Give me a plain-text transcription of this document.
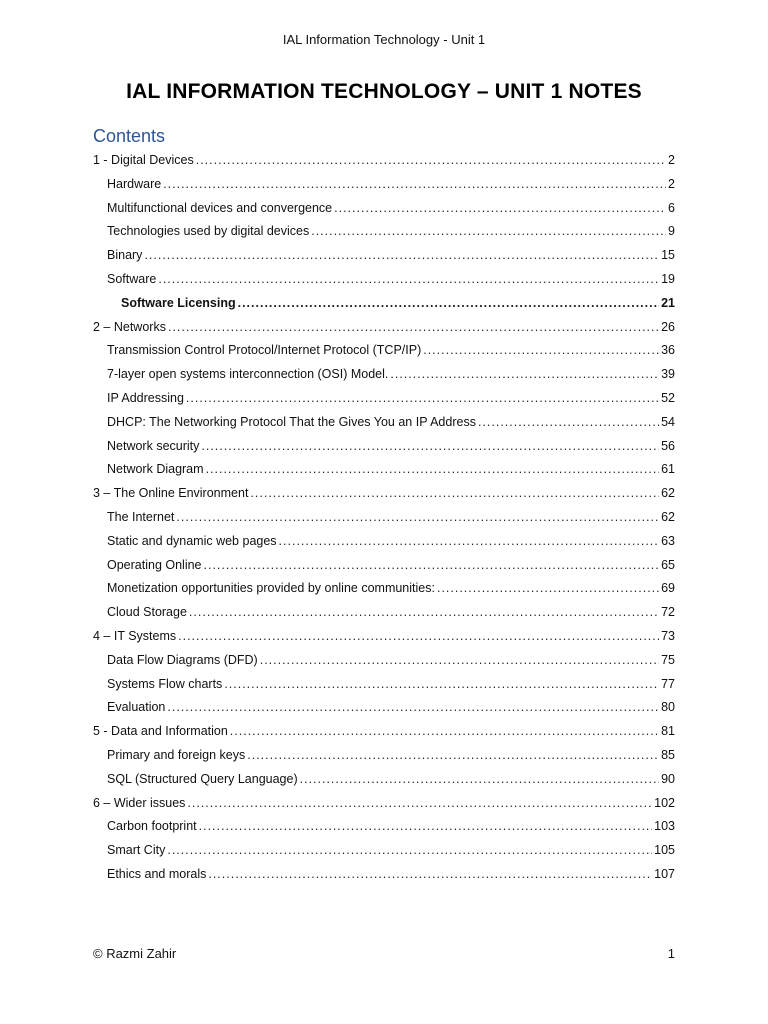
IAL Information Technology - Unit 1
IAL INFORMATION TECHNOLOGY – UNIT 1 NOTES
Contents
1 - Digital Devices .....	2
Hardware .....	2
Multifunctional devices and convergence .....	6
Technologies used by digital devices .....	9
Binary .....	15
Software .....	19
Software Licensing .....	21
2 – Networks .....	26
Transmission Control Protocol/Internet Protocol (TCP/IP) .....	36
7-layer open systems interconnection (OSI) Model. .....	39
IP Addressing .....	52
DHCP: The Networking Protocol That the Gives You an IP Address .....	54
Network security .....	56
Network Diagram .....	61
3 – The Online Environment .....	62
The Internet .....	62
Static and dynamic web pages .....	63
Operating Online .....	65
Monetization opportunities provided by online communities: .....	69
Cloud Storage .....	72
4 – IT Systems .....	73
Data Flow Diagrams (DFD) .....	75
Systems Flow charts .....	77
Evaluation .....	80
5 - Data and Information .....	81
Primary and foreign keys .....	85
SQL (Structured Query Language) .....	90
6 – Wider issues .....	102
Carbon footprint .....	103
Smart City .....	105
Ethics and morals .....	107
© Razmi Zahir	1
